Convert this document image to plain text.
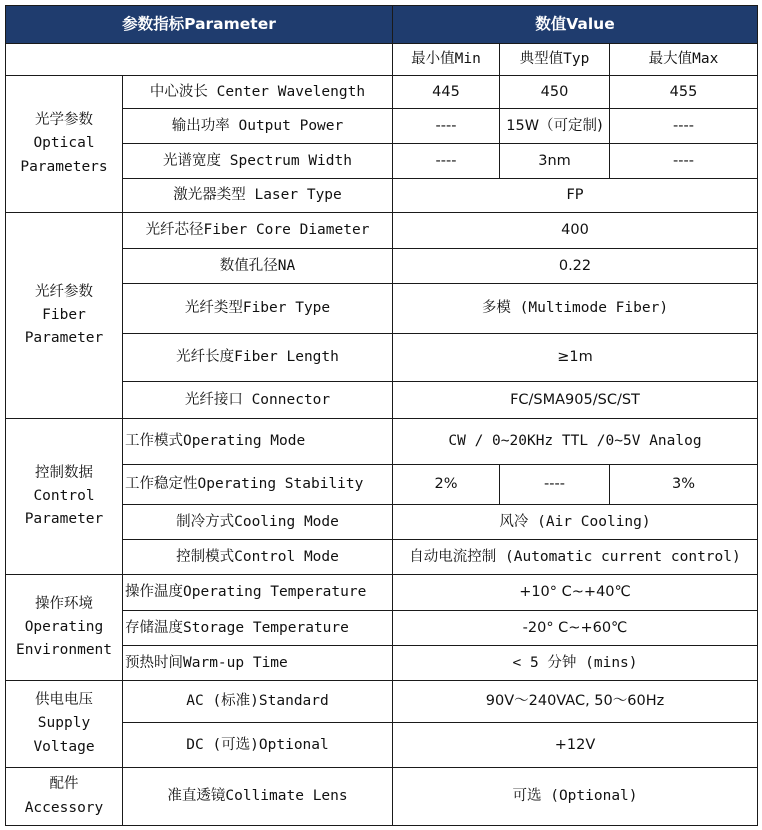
参数指标Parameter		数值Value		
		最小值Min	典型值Typ	最大值Max
光学参数
Optical
Parameters	中心波长 Center Wavelength	445	450	455
	输出功率 Output Power	----	15W（可定制)	----
	光谱宽度 Spectrum Width	----	3nm	----
	激光器类型 Laser Type	FP		
光纤参数
Fiber
Parameter	光纤芯径Fiber Core Diameter	400		
	数值孔径NA	0.22		
	光纤类型Fiber Type	多模 (Multimode Fiber)		
	光纤长度Fiber Length	≥1m		
	光纤接口 Connector	FC/SMA905/SC/ST		
控制数据
Control
Parameter	工作模式Operating Mode	CW / 0~20KHz TTL /0~5V Analog		
	工作稳定性Operating Stability	2%	----	3%
	制冷方式Cooling Mode	风冷 (Air Cooling)		
	控制模式Control Mode	自动电流控制 (Automatic current control)		
操作环境
Operating
Environment	操作温度Operating Temperature	+10° C~+40℃		
	存储温度Storage Temperature	-20° C~+60℃		
	预热时间Warm-up Time	< 5 分钟 (mins)		
供电电压
Supply
Voltage	AC (标准)Standard	90V～240VAC, 50～60Hz		
	DC (可选)Optional	+12V		
配件
Accessory	准直透镜Collimate Lens	可选 (Optional)		
